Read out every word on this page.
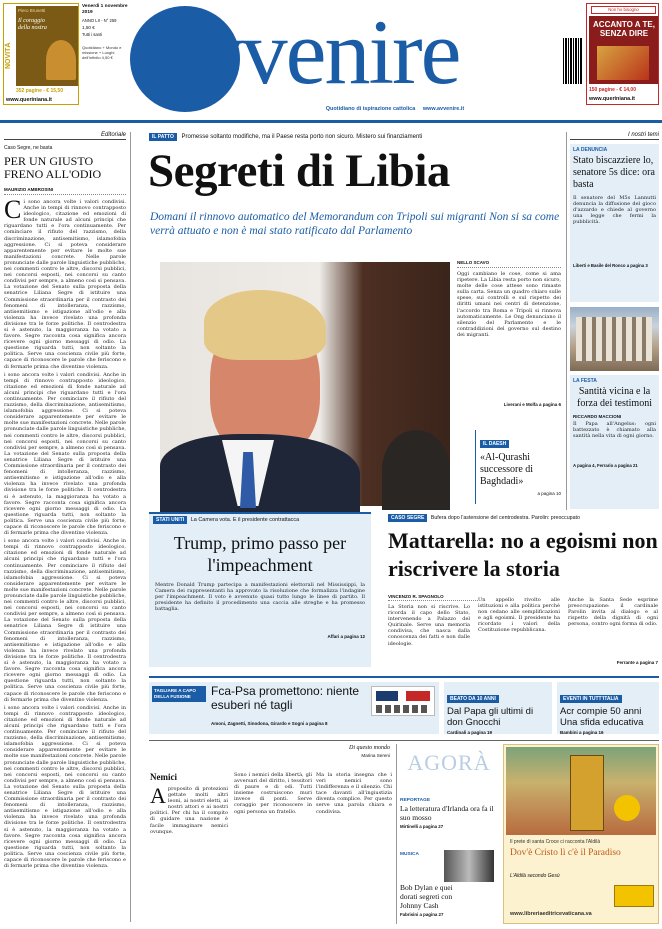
NOVITÀ
Piero Brunetti
Il coraggio della nostra
352 pagine - € 15,50
www.queriniana.it
Venerdì 1 novembre 2019
ANNO LII - N° 259
1,50 €
Tutti i santi
Quotidiano + Mondo e missione + Luoghi dell'infinito 4,50 € Avvenire
Quotidiano di ispirazione cattolica www.avvenire.it
Non ho bisogno
ACCANTO A TE, SENZA DIRE
150 pagine - € 14,00
www.queriniana.it
Editoriale
Caso Segre, ne basta
PER UN GIUSTO FRENO ALL'ODIO
MAURIZIO AMBROSINI
C i sono ancora volte i valori condivisi. Anche in tempi di rinnovo contrapposto ideologico, citazione ed emozioni di fonde naturale ad alcuni principi che riguardano tutti e l'ora continuamente. Per cominciare il rifiuto del razzismo, della discriminazione, antisemitismo, islamofobia aggressione. Ci si poteva considerare apparentemente per evitare le molte sue manifestazioni concrete. Nelle parole pronunciate dalle parole linguistiche pubbliche, nei commenti contro le altre, discorsi pubblici, nei concorsi esposti, nei concorsi su canto condivisi per sempre, a almeno così si pensava. La votazione del Senato sulla proposta della senatrice Liliana Segre di istituire una Commissione straordinaria per il contrasto dei fenomeni di intolleranza, razzismo, antisemitismo e istigazione all'odio e alla violenza ha invece rivelato una profonda divisione tra le forze politiche. Il centrodestra si è astenuto, la maggioranza ha votato a favore. Segre racconta cosa significa ancora ricevere ogni giorno messaggi di odio. La questione riguarda tutti, non soltanto la politica. Serve una coscienza civile più forte, capace di riconoscere le parole che feriscono e di fermarle prima che diventino violenza.
i sono ancora volte i valori condivisi. Anche in tempi di rinnovo contrapposto ideologico, citazione ed emozioni di fonde naturale ad alcuni principi che riguardano tutti e l'ora continuamente. Per cominciare il rifiuto del razzismo, della discriminazione, antisemitismo, islamofobia aggressione. Ci si poteva considerare apparentemente per evitare le molte sue manifestazioni concrete. Nelle parole pronunciate dalle parole linguistiche pubbliche, nei commenti contro le altre, discorsi pubblici, nei concorsi esposti, nei concorsi su canto condivisi per sempre, a almeno così si pensava. La votazione del Senato sulla proposta della senatrice Liliana Segre di istituire una Commissione straordinaria per il contrasto dei fenomeni di intolleranza, razzismo, antisemitismo e istigazione all'odio e alla violenza ha invece rivelato una profonda divisione tra le forze politiche. Il centrodestra si è astenuto, la maggioranza ha votato a favore. Segre racconta cosa significa ancora ricevere ogni giorno messaggi di odio. La questione riguarda tutti, non soltanto la politica. Serve una coscienza civile più forte, capace di riconoscere le parole che feriscono e di fermarle prima che diventino violenza.
i sono ancora volte i valori condivisi. Anche in tempi di rinnovo contrapposto ideologico, citazione ed emozioni di fonde naturale ad alcuni principi che riguardano tutti e l'ora continuamente. Per cominciare il rifiuto del razzismo, della discriminazione, antisemitismo, islamofobia aggressione. Ci si poteva considerare apparentemente per evitare le molte sue manifestazioni concrete. Nelle parole pronunciate dalle parole linguistiche pubbliche, nei commenti contro le altre, discorsi pubblici, nei concorsi esposti, nei concorsi su canto condivisi per sempre, a almeno così si pensava. La votazione del Senato sulla proposta della senatrice Liliana Segre di istituire una Commissione straordinaria per il contrasto dei fenomeni di intolleranza, razzismo, antisemitismo e istigazione all'odio e alla violenza ha invece rivelato una profonda divisione tra le forze politiche. Il centrodestra si è astenuto, la maggioranza ha votato a favore. Segre racconta cosa significa ancora ricevere ogni giorno messaggi di odio. La questione riguarda tutti, non soltanto la politica. Serve una coscienza civile più forte, capace di riconoscere le parole che feriscono e di fermarle prima che diventino violenza.
i sono ancora volte i valori condivisi. Anche in tempi di rinnovo contrapposto ideologico, citazione ed emozioni di fonde naturale ad alcuni principi che riguardano tutti e l'ora continuamente. Per cominciare il rifiuto del razzismo, della discriminazione, antisemitismo, islamofobia aggressione. Ci si poteva considerare apparentemente per evitare le molte sue manifestazioni concrete. Nelle parole pronunciate dalle parole linguistiche pubbliche, nei commenti contro le altre, discorsi pubblici, nei concorsi esposti, nei concorsi su canto condivisi per sempre, a almeno così si pensava. La votazione del Senato sulla proposta della senatrice Liliana Segre di istituire una Commissione straordinaria per il contrasto dei fenomeni di intolleranza, razzismo, antisemitismo e istigazione all'odio e alla violenza ha invece rivelato una profonda divisione tra le forze politiche. Il centrodestra si è astenuto, la maggioranza ha votato a favore. Segre racconta cosa significa ancora ricevere ogni giorno messaggi di odio. La questione riguarda tutti, non soltanto la politica. Serve una coscienza civile più forte, capace di riconoscere le parole che feriscono e di fermarle prima che diventino violenza.
IL PATTO Promesse soltanto modifiche, ma il Paese resta porto non sicuro. Mistero sui finanziamenti
Segreti di Libia
Domani il rinnovo automatico del Memorandum con Tripoli sui migranti Non si sa come verrà attuato e non è mai stato ratificato dal Parlamento
NELLO SCAVO
Oggi cambiano le cose, come si ama ripetere. La Libia resta porto non sicuro, molte delle cose attese sono rimaste sulla carta. Senza un quadro chiaro sulle spese, sui controlli e sul rispetto dei diritti umani nei centri di detenzione, l'accordo tra Roma e Tripoli si rinnova automaticamente. Le Ong denunciano il silenzio del Parlamento e le contraddizioni del governo sul destino dei migranti.
Liverani e Molfa a pagina 6
IL DAESH
«Al-Qurashi successore di Baghdadi»
a pagina 10
STATI UNITI La Camera vota. E il presidente contrattacca
Trump, primo passo per l'impeachment
Mentre Donald Trump partecipa a manifestazioni elettorali nel Mississippi, la Camera dei rappresentanti ha approvato la risoluzione che formalizza l'indagine per l'impeachment. Il voto è avvenuto quasi tutto lungo le linee di partito. Il presidente ha definito il procedimento una caccia alle streghe e ha promesso battaglia.
Affari a pagina 12
CASO SEGRE Bufera dopo l'astensione del centrodestra. Parolin: preoccupato
Mattarella: no a egoismi non riscrivere la storia
VINCENZO R. SPAGNOLO
La Storia non si riscrive. Lo ricorda il capo dello Stato, intervenendo a Palazzo del Quirinale. Serve una memoria condivisa, che nasca dalla conoscenza dei fatti e non dalle ideologie.
Un appello rivolto alle istituzioni e alla politica perché non cedano alle semplificazioni e agli egoismi. Il presidente ha ricordato i valori della Costituzione repubblicana.
Anche la Santa Sede esprime preoccupazione: il cardinale Parolin invita al dialogo e al rispetto della dignità di ogni persona, contro ogni forma di odio.
Ferrante a pagina 7
I nostri temi
LA DENUNCIA
Stato biscazziere lo, senatore 5s dice: ora basta
Il senatore del M5s Lannutti denuncia la diffusione del gioco d'azzardo e chiede al governo una legge che fermi la pubblicità.
Liberti e Basile del Ronco a pagina 3
LA FESTA
Santità vicina e la forza dei testimoni
RICCARDO MACCIONI
Il Papa all'Angelus: ogni battezzato è chiamato alla santità nella vita di ogni giorno.
A pagina 4, Ferrario a pagina 21
TAGLIARE A CAPO DELLA FUSIONE	Fca-Psa promettono: niente esuberi né tagli
Amoni, Zagnetti, Sinodona, Girardo e Sogni a pagina 8
BEATO DA 10 ANNI
Dal Papa gli ultimi di don Gnocchi
Cardinali a pagina 19
EVENTI IN TUTT'ITALIA
Acr compie 50 anni Una sfida educativa
Bambini a pagina 16
Di questo mondo
Marina Sereni
Nemici
A proposito di protezioni gettate molti altri leoni, ai nostri eletti, ai nostri attori e ai nostri politici. Per chi ha il compito di guidare una nazione è facile immaginare nemici ovunque.
Sono i nemici della libertà, gli avversari del diritto, i tessitori di paure e di odi. Tutti insieme costruiscono muri invece di ponti. Serve coraggio per riconoscere in ogni persona un fratello.
Ma la storia insegna che i veri nemici sono l'indifferenza e il silenzio. Chi tace davanti all'ingiustizia diventa complice. Per questo serve una parola chiara e condivisa.
AGORÀ
REPORTAGE
La letteratura d'Irlanda ora fa il suo mosso
Mirtinelli a pagina 27
MUSICA
Bob Dylan e quei dorati segreti con Johnny Cash
Fabrisini a pagina 27
Il prete di santa Croce ci racconta l'Aldilà
Dov'è Cristo lì c'è il Paradiso
L'Aldilà secondo Gesù
www.libreriaeditricevaticana.va
